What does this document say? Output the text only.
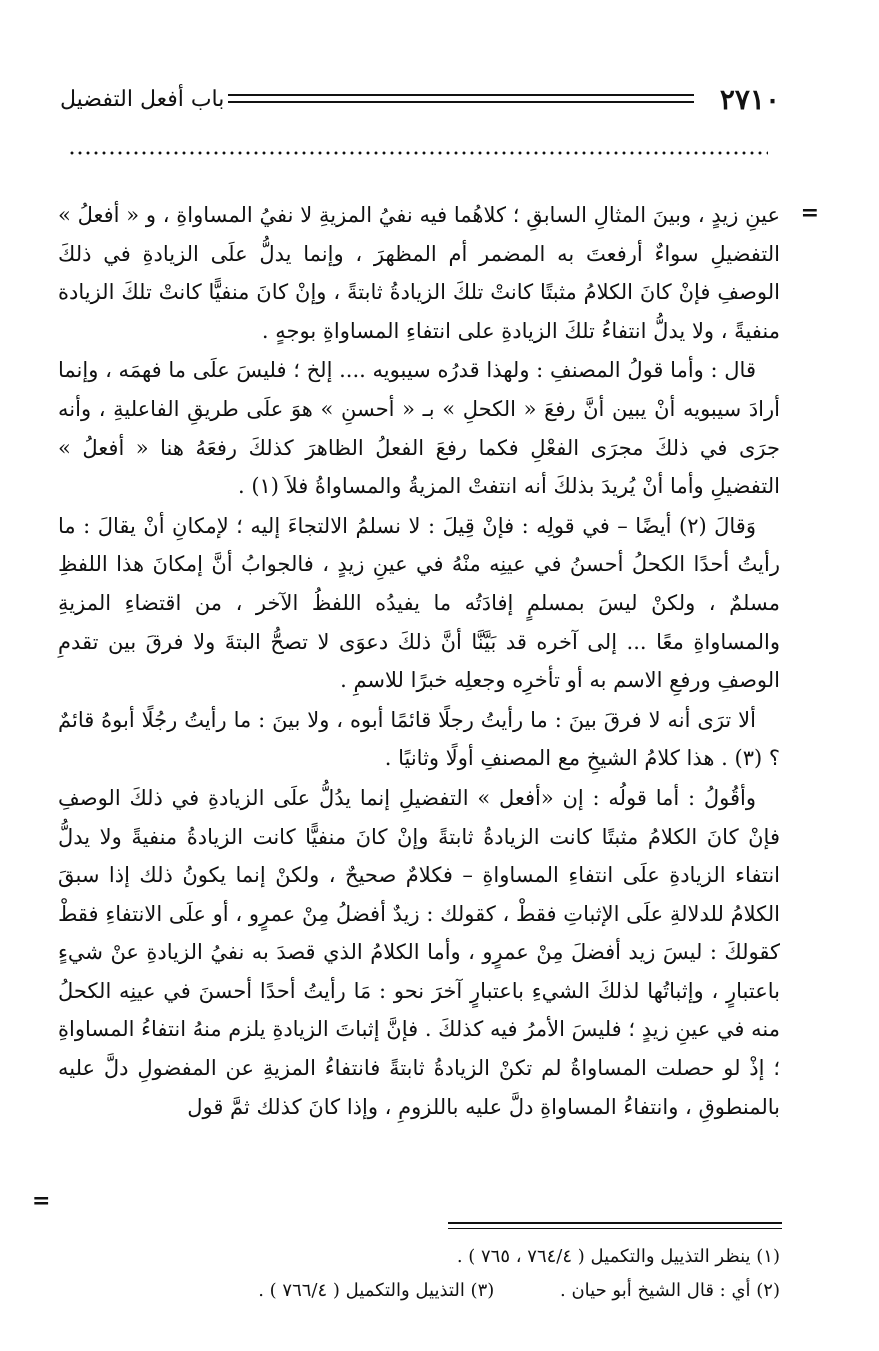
٢٧١٠
باب أفعل التفضيل
=

عينِ زيدٍ ، وبينَ المثالِ السابقِ ؛ كلاهُما فيه نفيُ المزيةِ لا نفيُ المساواةِ ، و « أفعلُ » التفضيلِ سواءٌ أرفعتَ به المضمر أم المظهرَ ، وإنما يدلُّ علَى الزيادةِ في ذلكَ الوصفِ فإنْ كانَ الكلامُ مثبتًا كانتْ تلكَ الزيادةُ ثابتةً ، وإنْ كانَ منفيًّا كانتْ تلكَ الزيادة منفيةً ، ولا يدلُّ انتفاءُ تلكَ الزيادةِ على انتفاءِ المساواةِ بوجهٍ .

قال : وأما قولُ المصنفِ : ولهذا قدرُه سيبويه .... إلخ ؛ فليسَ علَى ما فهمَه ، وإنما أرادَ سيبويه أنْ يبين أنَّ رفعَ « الكحلِ » بـ « أحسنِ » هوَ علَى طريقِ الفاعليةِ ، وأنه جرَى في ذلكَ مجرَى الفعْلِ فكما رفعَ الفعلُ الظاهرَ كذلكَ رفعَهُ هنا « أفعلُ » التفضيلِ وأما أنْ يُريدَ بذلكَ أنه انتفتْ المزيةُ والمساواةُ فلاَ (١) .

وَقالَ (٢) أيضًا – في قولِه : فإنْ قِيلَ : لا نسلمُ الالتجاءَ إليه ؛ لإمكانِ أنْ يقالَ : ما رأيتُ أحدًا الكحلُ أحسنُ في عينِه منْهُ في عينِ زيدٍ ، فالجوابُ أنَّ إمكانَ هذا اللفظِ مسلمٌ ، ولكنْ ليسَ بمسلمٍ إفادَتُه ما يفيدُه اللفظُ الآخر ، من اقتضاءِ المزيةِ والمساواةِ معًا ... إلى آخره قد بَيَّنَّا أنَّ ذلكَ دعوَى لا تصحُّ البتةَ ولا فرقَ بين تقدمِ الوصفِ ورفعِ الاسم به أو تأخرِه وجعلِه خبرًا للاسمِ .

ألا ترَى أنه لا فرقَ بينَ : ما رأيتُ رجلًا قائمًا أبوه ، ولا بينَ : ما رأيتُ رجُلًا أبوهُ قائمٌ ؟ (٣) . هذا كلامُ الشيخِ مع المصنفِ أولًا وثانيًا .

وأقُولُ : أما قولُه : إن «أفعل » التفضيلِ إنما يدُلُّ علَى الزيادةِ في ذلكَ الوصفِ فإنْ كانَ الكلامُ مثبتًا كانت الزيادةُ ثابتةً وإنْ كانَ منفيًّا كانت الزيادةُ منفيةً ولا يدلُّ انتفاء الزيادةِ علَى انتفاءِ المساواةِ – فكلامٌ صحيحٌ ، ولكنْ إنما يكونُ ذلك إذا سبقَ الكلامُ للدلالةِ علَى الإثباتِ فقطْ ، كقولك : زيدٌ أفضلُ مِنْ عمرٍو ، أو علَى الانتفاءِ فقطْ كقولكَ : ليسَ زيد أفضلَ مِنْ عمرٍو ، وأما الكلامُ الذي قصدَ به نفيُ الزيادةِ عنْ شيءٍ باعتبارٍ ، وإثباتُها لذلكَ الشيءِ باعتبارٍ آخرَ نحو : مَا رأيتُ أحدًا أحسنَ في عينِه الكحلُ منه في عينِ زيدٍ ؛ فليسَ الأمرُ فيه كذلكَ . فإنَّ إثباتَ الزيادةِ يلزم منهُ انتفاءُ المساواةِ ؛ إذْ لو حصلت المساواةُ لم تكنْ الزيادةُ ثابتةً فانتفاءُ المزيةِ عن المفضولِ دلَّ عليه بالمنطوقِ ، وانتفاءُ المساواةِ دلَّ عليه باللزومِ ، وإذا كانَ كذلك ثمَّ قول

=
(١) ينظر التذييل والتكميل ( ٧٦٤/٤ ، ٧٦٥ ) .
(٢) أي : قال الشيخ أبو حيان . (٣) التذييل والتكميل ( ٧٦٦/٤ ) .
